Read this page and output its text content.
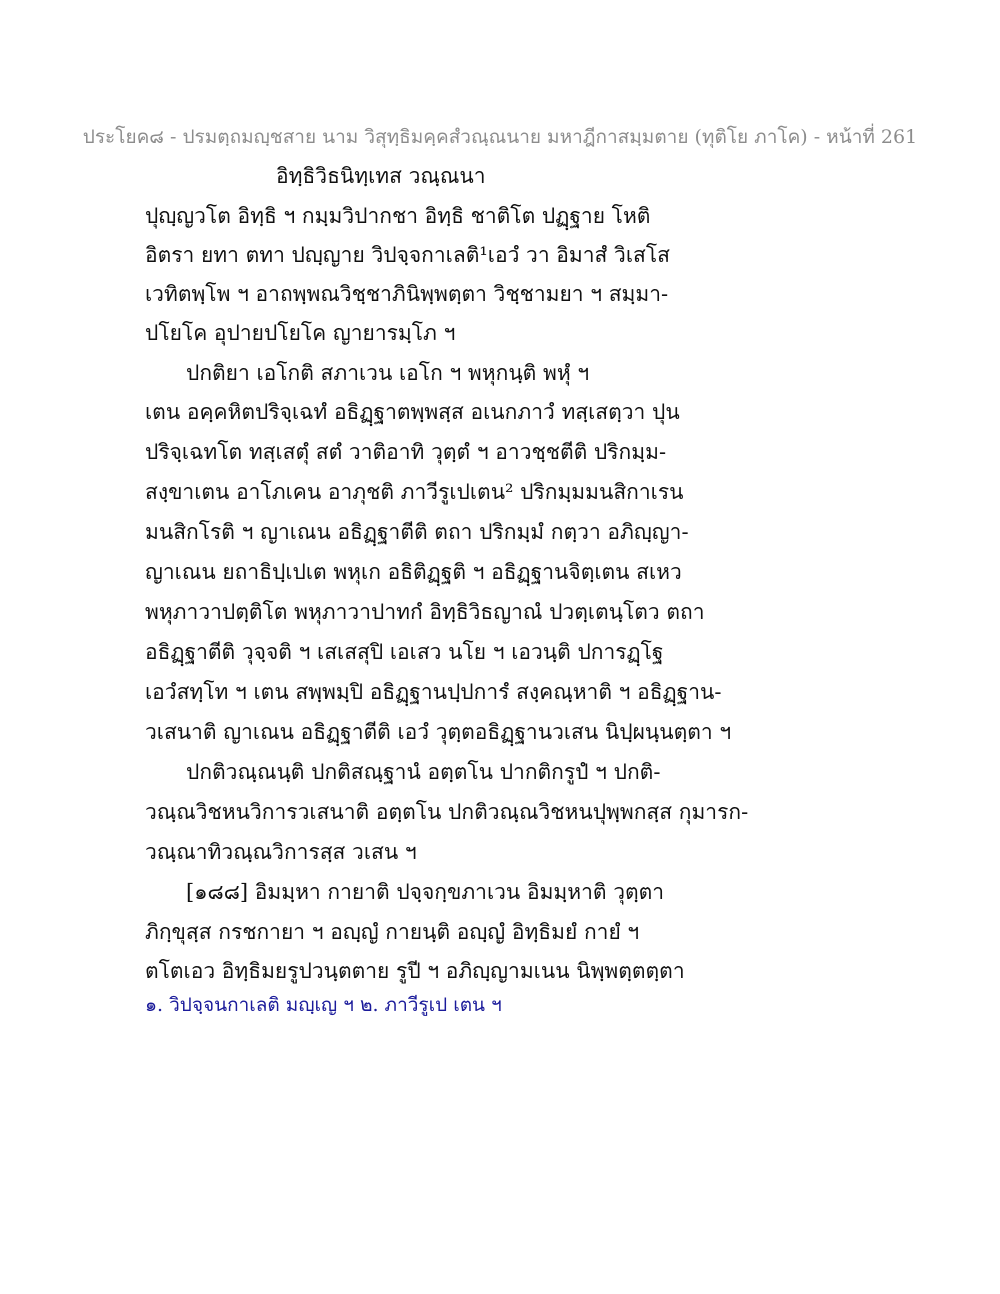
ประโยค๘ - ปรมตฺถมญฺชสาย นาม วิสุทฺธิมคฺคสํวณฺณนาย มหาฎีกาสมฺมตาย (ทุติโย ภาโค) - หน้าที่ 261
อิทฺธิวิธนิทฺเทส วณฺณนา
ปุญฺญวโต อิทฺธิ ฯ กมฺมวิปากชา อิทฺธิ ชาติโต ปฏฺฐาย โหติ
อิตรา ยทา ตทา ปญฺญาย วิปจฺจกาเลติ¹เอวํ วา อิมาสํ วิเสโส
เวทิตพฺโพ ฯ อาถพฺพณวิชฺชาภินิพฺพตฺตา วิชฺชามยา ฯ สมฺมา-
ปโยโค อุปายปโยโค ญายารมฺโภ ฯ
ปกติยา เอโกติ สภาเวน เอโก ฯ พหุกนฺติ พหุํ ฯ
เตน อคฺคหิตปริจฺเฉทํ อธิฏฺฐาตพฺพสฺส อเนกภาวํ ทสฺเสตฺวา ปุน
ปริจฺเฉทโต ทสฺเสตุํ สตํ วาติอาทิ วุตฺตํ ฯ อาวชฺชตีติ ปริกมฺม-
สงฺขาเตน อาโภเคน อาภุชติ ภาวีรูเปเตน² ปริกมฺมมนสิกาเรน
มนสิกโรติ ฯ ญาเณน อธิฏฺฐาตีติ ตถา ปริกมฺมํ กตฺวา อภิญฺญา-
ญาเณน ยถาธิปฺเปเต พหุเก อธิติฏฺฐติ ฯ อธิฏฺฐานจิตฺเตน สเหว
พหุภาวาปตฺติโต พหุภาวาปาทกํ อิทฺธิวิธญาณํ ปวตฺเตนฺโตว ตถา
อธิฏฺฐาตีติ วุจฺจติ ฯ เสเสสุปิ เอเสว นโย ฯ เอวนฺติ ปการฏฺโฐ
เอวํสทฺโท ฯ เตน สพฺพมฺปิ อธิฏฺฐานปฺปการํ สงฺคณฺหาติ ฯ อธิฏฺฐาน-
วเสนาติ ญาเณน อธิฏฺฐาตีติ เอวํ วุตฺตอธิฏฺฐานวเสน นิปฺผนฺนตฺตา ฯ
ปกติวณฺณนฺติ ปกติสณฺฐานํ อตฺตโน ปากติกรูปํ ฯ ปกติ-
วณฺณวิชหนวิการวเสนาติ อตฺตโน ปกติวณฺณวิชหนปุพฺพกสฺส กุมารก-
วณฺณาทิวณฺณวิการสฺส วเสน ฯ
[๑๘๘] อิมมฺหา กายาติ ปจฺจกฺขภาเวน อิมมฺหาติ วุตฺตา
ภิกฺขุสฺส กรชกายา ฯ อญฺญํ กายนฺติ อญฺญํ อิทฺธิมยํ กายํ ฯ
ตโตเอว อิทฺธิมยรูปวนฺตตาย รูปี ฯ อภิญฺญามเนน นิพฺพตฺตตฺตา
๑. วิปจฺจนกาเลติ มญฺเญ ฯ ๒. ภาวีรูเป เตน ฯ
